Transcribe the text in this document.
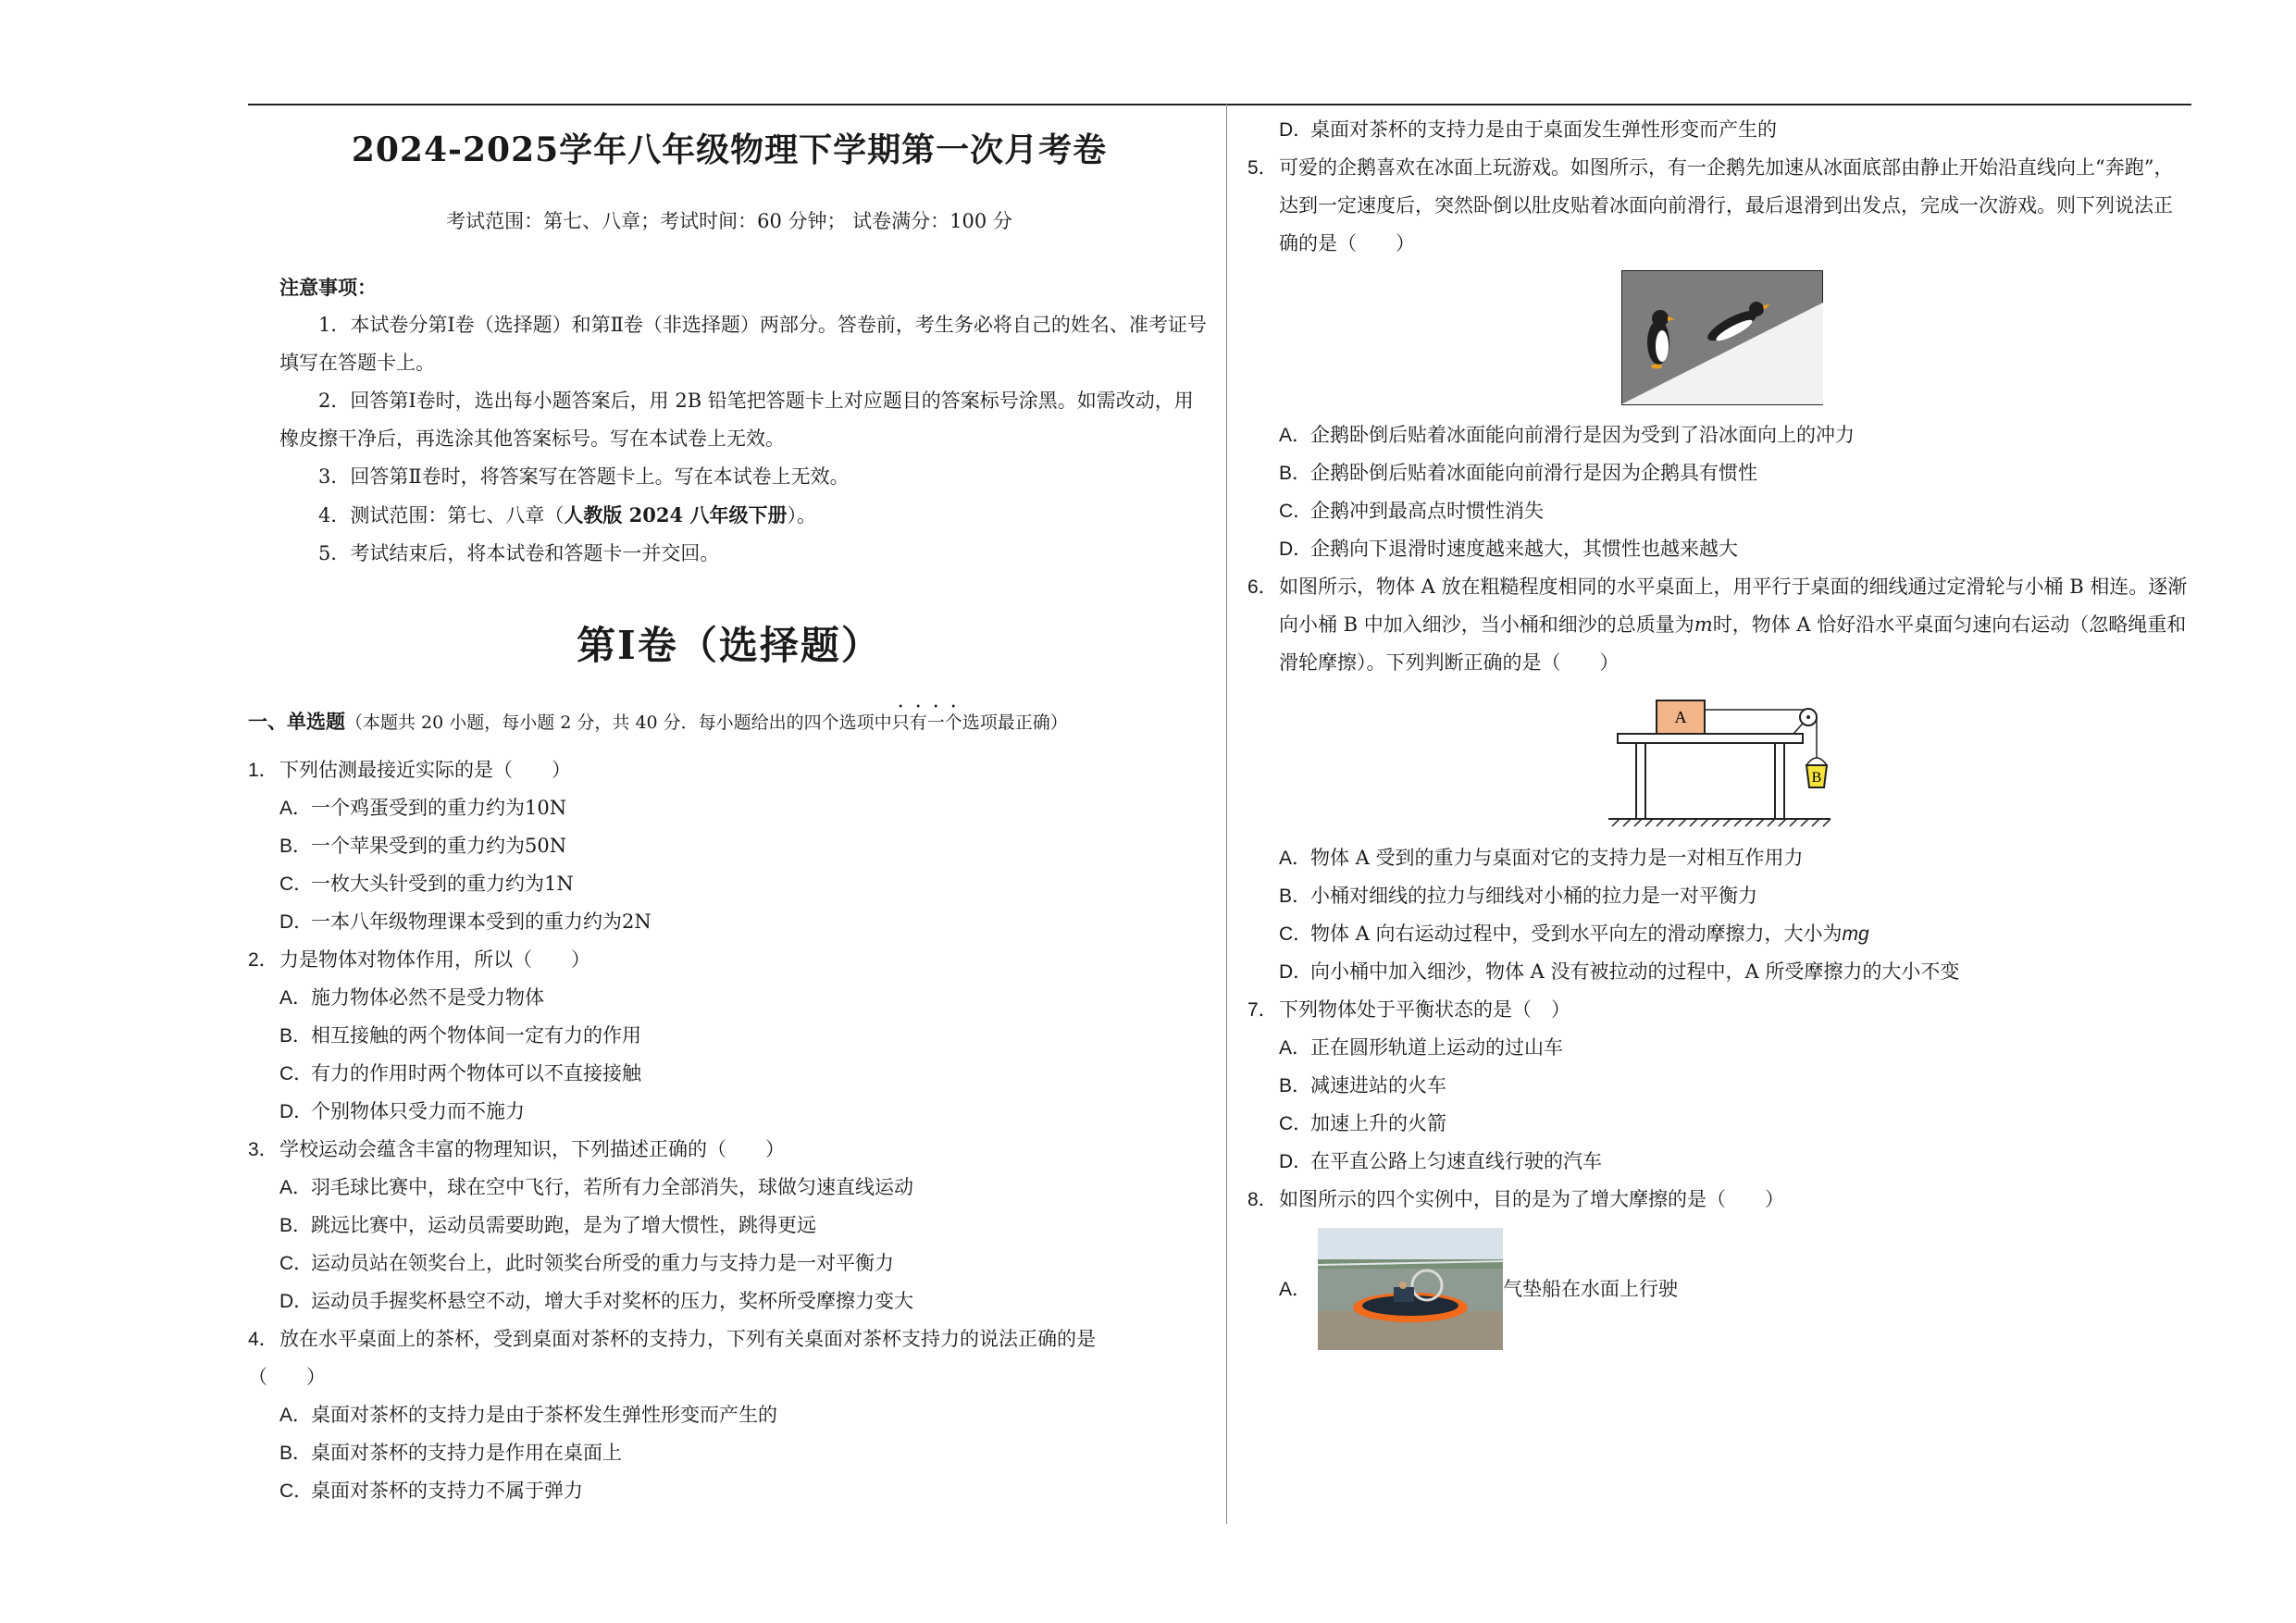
2024-2025学年八年级物理下学期第一次月考卷
考试范围：第七、八章；考试时间：60 分钟； 试卷满分：100 分
注意事项：
1．本试卷分第Ⅰ卷（选择题）和第Ⅱ卷（非选择题）两部分。答卷前，考生务必将自己的姓名、准考证号填写在答题卡上。
2．回答第Ⅰ卷时，选出每小题答案后，用 2B 铅笔把答题卡上对应题目的答案标号涂黑。如需改动，用橡皮擦干净后，再选涂其他答案标号。写在本试卷上无效。
3．回答第Ⅱ卷时，将答案写在答题卡上。写在本试卷上无效。
4．测试范围：第七、八章（人教版 2024 八年级下册）。
5．考试结束后，将本试卷和答题卡一并交回。
第Ⅰ卷（选择题）
一、单选题（本题共 20 小题，每小题 2 分，共 40 分．每小题给出的四个选项中只有一个选项最正确）
1．下列估测最接近实际的是（　　）
A．一个鸡蛋受到的重力约为10N
B．一个苹果受到的重力约为50N
C．一枚大头针受到的重力约为1N
D．一本八年级物理课本受到的重力约为2N
2．力是物体对物体作用，所以（　　）
A．施力物体必然不是受力物体
B．相互接触的两个物体间一定有力的作用
C．有力的作用时两个物体可以不直接接触
D．个别物体只受力而不施力
3．学校运动会蕴含丰富的物理知识，下列描述正确的（　　）
A．羽毛球比赛中，球在空中飞行，若所有力全部消失，球做匀速直线运动
B．跳远比赛中，运动员需要助跑，是为了增大惯性，跳得更远
C．运动员站在领奖台上，此时领奖台所受的重力与支持力是一对平衡力
D．运动员手握奖杯悬空不动，增大手对奖杯的压力，奖杯所受摩擦力变大
4．放在水平桌面上的茶杯，受到桌面对茶杯的支持力，下列有关桌面对茶杯支持力的说法正确的是
（　　）
A．桌面对茶杯的支持力是由于茶杯发生弹性形变而产生的
B．桌面对茶杯的支持力是作用在桌面上
C．桌面对茶杯的支持力不属于弹力
D．桌面对茶杯的支持力是由于桌面发生弹性形变而产生的
5． 可爱的企鹅喜欢在冰面上玩游戏。如图所示，有一企鹅先加速从冰面底部由静止开始沿直线向上“奔跑”，达到一定速度后，突然卧倒以肚皮贴着冰面向前滑行，最后退滑到出发点，完成一次游戏。则下列说法正确的是（　　）
A．企鹅卧倒后贴着冰面能向前滑行是因为受到了沿冰面向上的冲力
B．企鹅卧倒后贴着冰面能向前滑行是因为企鹅具有惯性
C．企鹅冲到最高点时惯性消失
D．企鹅向下退滑时速度越来越大，其惯性也越来越大
6． 如图所示，物体 A 放在粗糙程度相同的水平桌面上，用平行于桌面的细线通过定滑轮与小桶 B 相连。逐渐向小桶 B 中加入细沙，当小桶和细沙的总质量为m时，物体 A 恰好沿水平桌面匀速向右运动（忽略绳重和滑轮摩擦）。下列判断正确的是（　　）
A
B
A．物体 A 受到的重力与桌面对它的支持力是一对相互作用力
B．小桶对细线的拉力与细线对小桶的拉力是一对平衡力
C．物体 A 向右运动过程中，受到水平向左的滑动摩擦力，大小为mg
D．向小桶中加入细沙，物体 A 没有被拉动的过程中，A 所受摩擦力的大小不变
7．下列物体处于平衡状态的是（　）
A．正在圆形轨道上运动的过山车
B．减速进站的火车
C．加速上升的火箭
D．在平直公路上匀速直线行驶的汽车
8．如图所示的四个实例中，目的是为了增大摩擦的是（　　）
A．	气垫船在水面上行驶
